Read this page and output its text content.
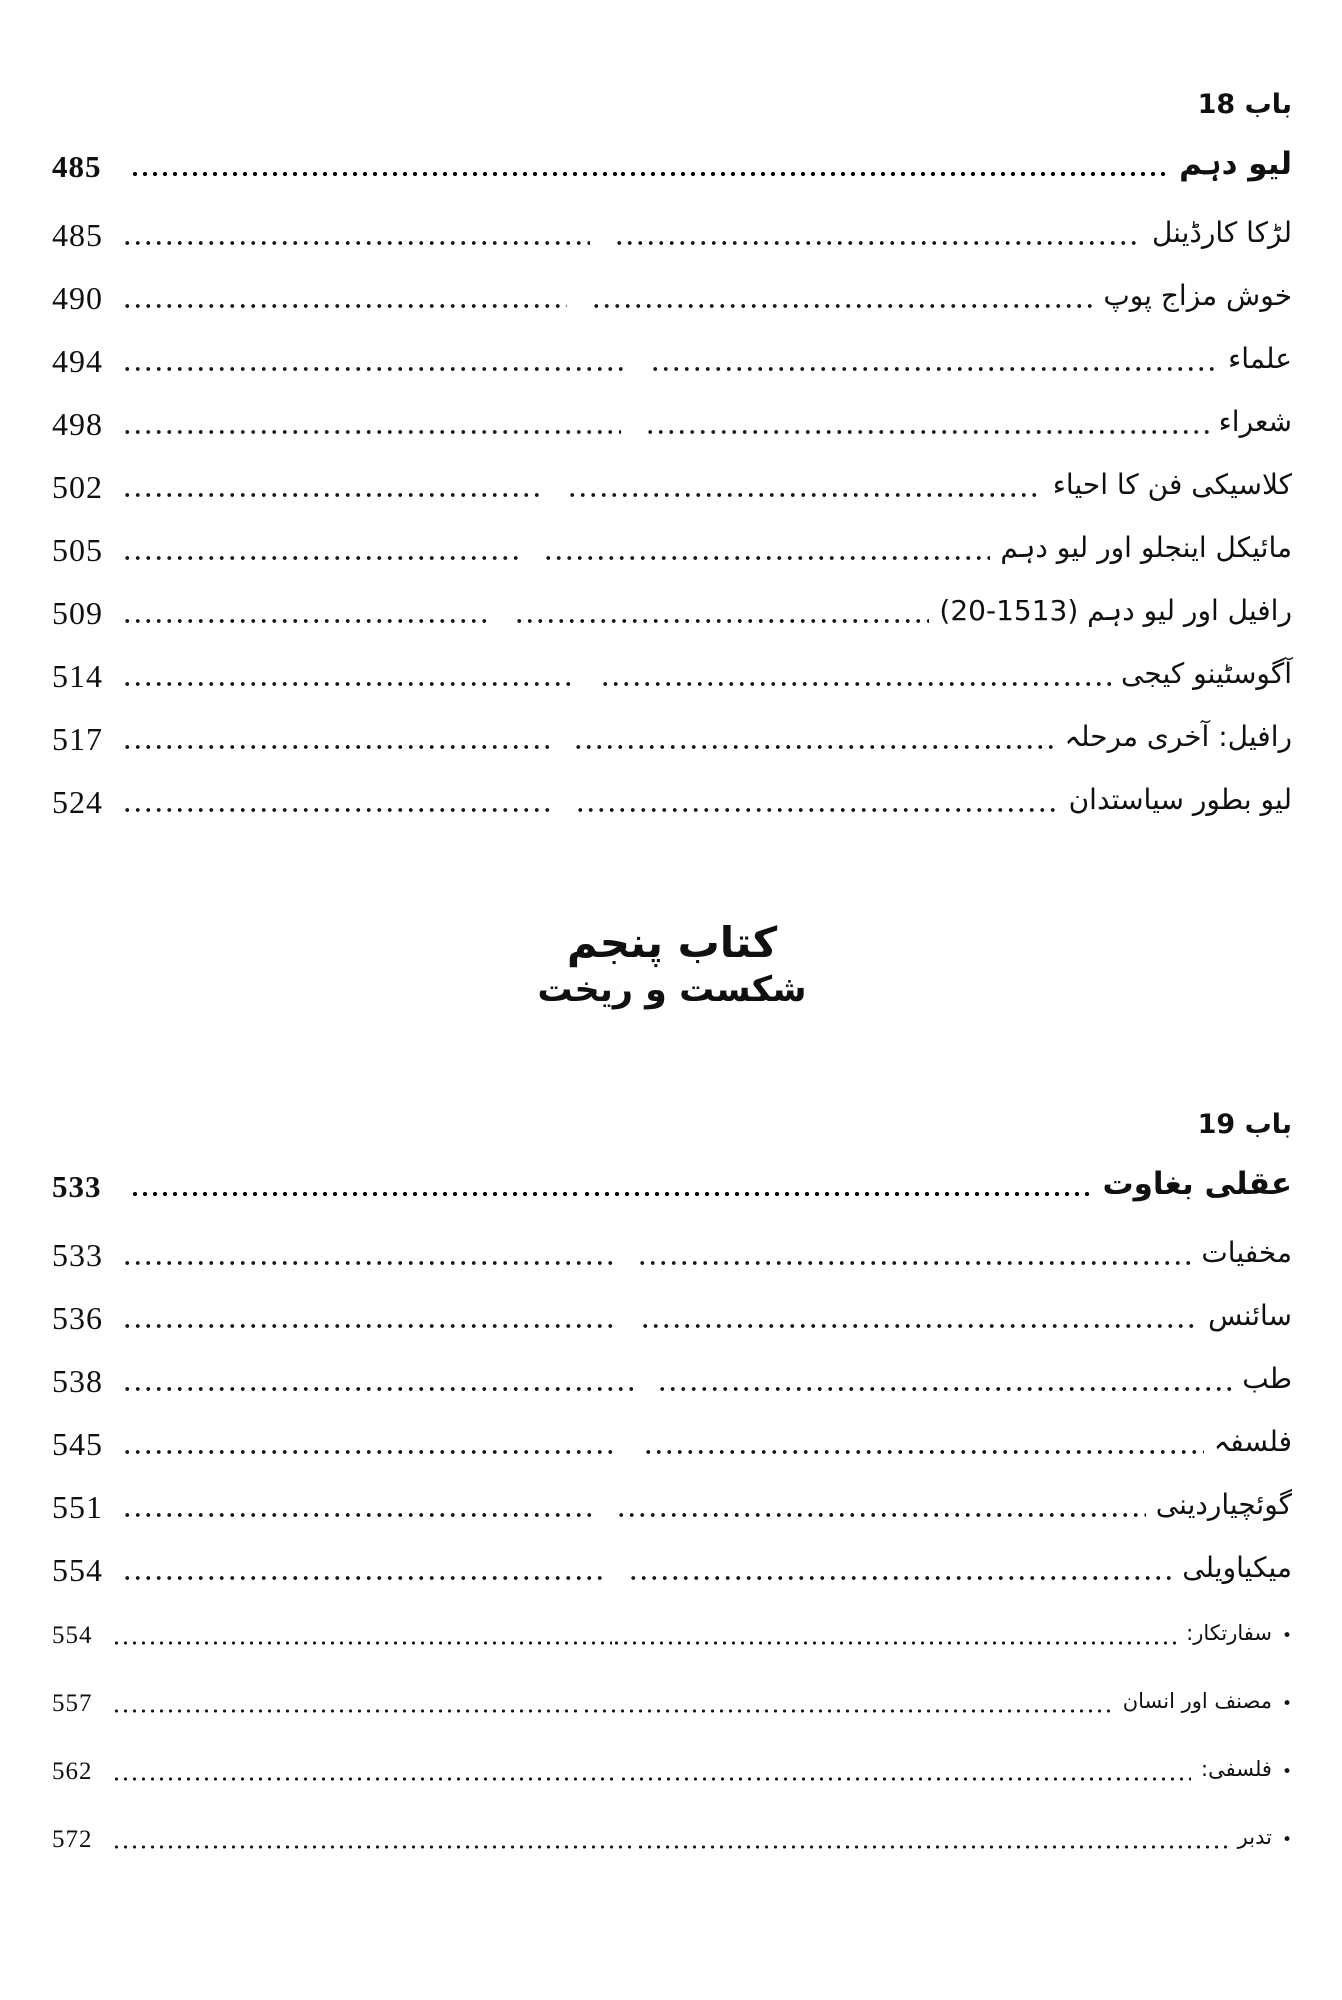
باب 18
485	لیو دہم
485	لڑکا کارڈینل
490	خوش مزاج پوپ
494	علماء
498	شعراء
502	کلاسیکی فن کا احیاء
505	مائیکل اینجلو اور لیو دہم
509	رافیل اور لیو دہم (1513-20)
514	آگوسٹینو کیجی
517	رافیل: آخری مرحلہ
524	لیو بطور سیاستدان
کتاب پنجم
شکست و ریخت
باب 19
533	عقلی بغاوت
533	مخفیات
536	سائنس
538	طب
545	فلسفہ
551	گوئچیاردینی
554	میکیاویلی
554	•سفارتکار:
557	•مصنف اور انسان
562	•فلسفی:
572	•تدبر
